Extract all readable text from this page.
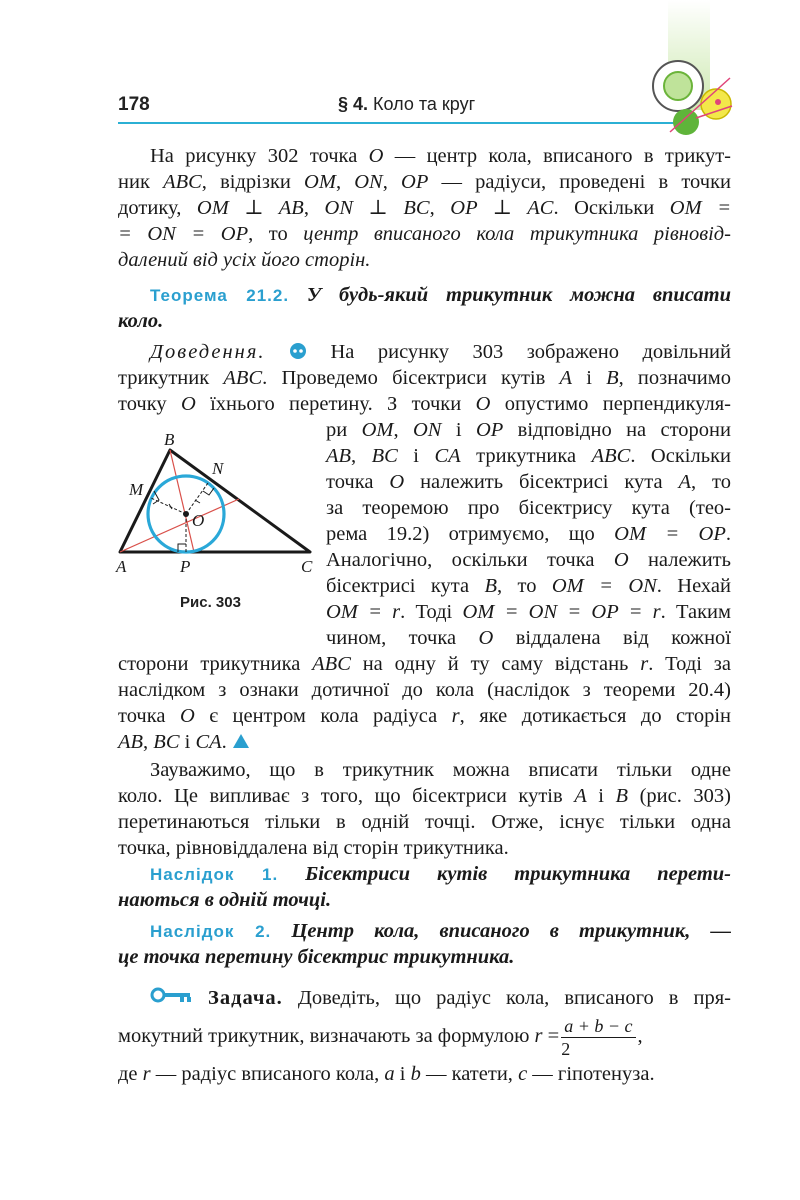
178	§ 4. Коло та круг
На рисунку 302 точка O — центр кола, вписаного в трикут-
ник ABC, відрізки OM, ON, OP — радіуси, проведені в точки
дотику, OM ⊥ AB, ON ⊥ BC, OP ⊥ AC. Оскільки OM =
= ON = OP, то центр вписаного кола трикутника рівновід-
далений від усіх його сторін.
Теорема 21.2. У будь-який трикутник можна вписати
коло.
Доведення.  На рисунку 303 зображено довільний
трикутник ABC. Проведемо бісектриси кутів A і B, позначимо
точку O їхнього перетину. З точки O опустимо перпендикуля-
ри OM, ON і OP відповідно на сторони
AB, BC і CA трикутника ABC. Оскільки
точка O належить бісектрисі кута A, то
за теоремою про бісектрису кута (тео-
рема 19.2) отримуємо, що OM = OP.
Аналогічно, оскільки точка O належить
бісектрисі кута B, то OM = ON. Нехай
OM = r. Тоді OM = ON = OP = r. Таким
чином, точка O віддалена від кожної
A
B
C
M
N
O
P
Рис. 303
сторони трикутника ABC на одну й ту саму відстань r. Тоді за
наслідком з ознаки дотичної до кола (наслідок з теореми 20.4)
точка O є центром кола радіуса r, яке дотикається до сторін
AB, BC і CA.
Зауважимо, що в трикутник можна вписати тільки одне
коло. Це випливає з того, що бісектриси кутів A і B (рис. 303)
перетинаються тільки в одній точці. Отже, існує тільки одна
точка, рівновіддалена від сторін трикутника.
Наслідок 1. Бісектриси кутів трикутника перети-
наються в одній точці.
Наслідок 2. Центр кола, вписаного в трикутник, —
це точка перетину бісектрис трикутника.
Задача. Доведіть, що радіус кола, вписаного в пря-
мокутний трикутник, визначають за формулою $r = \frac{a + b - c}{2}$ ,
де r — радіус вписаного кола, a і b — катети, c — гіпотенуза.
